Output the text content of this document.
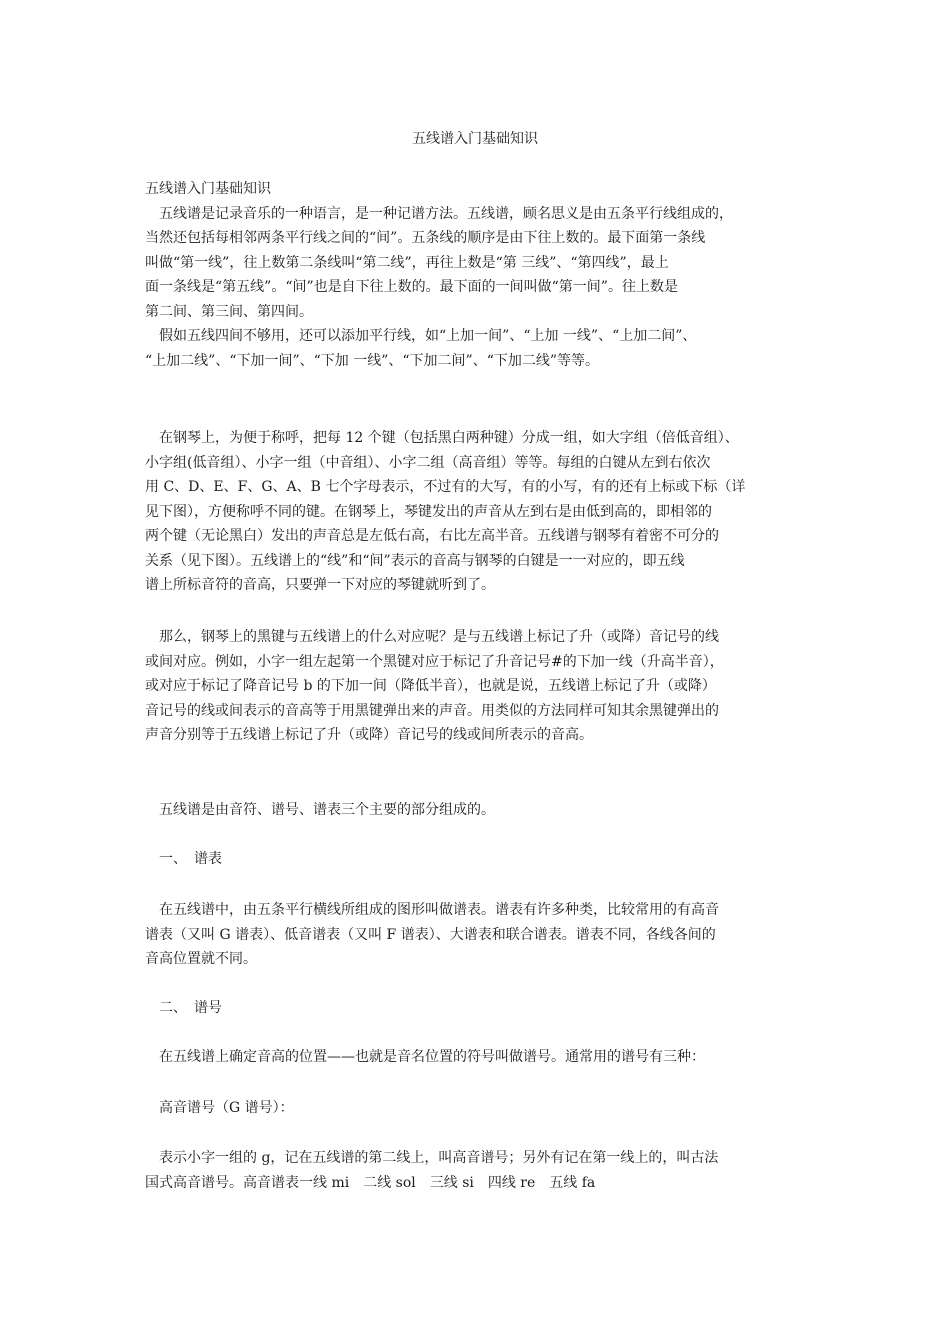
五线谱入门基础知识
五线谱入门基础知识
　五线谱是记录音乐的一种语言，是一种记谱方法。五线谱，顾名思义是由五条平行线组成的，
当然还包括每相邻两条平行线之间的“间”。五条线的顺序是由下往上数的。最下面第一条线
叫做“第一线”，往上数第二条线叫“第二线”，再往上数是“第 三线”、“第四线”，最上
面一条线是“第五线”。“间”也是自下往上数的。最下面的一间叫做“第一间”。往上数是
第二间、第三间、第四间。
　假如五线四间不够用，还可以添加平行线，如“上加一间”、“上加 一线”、“上加二间”、
“上加二线”、“下加一间”、“下加 一线”、“下加二间”、“下加二线”等等。
　在钢琴上，为便于称呼，把每 12 个键（包括黑白两种键）分成一组，如大字组（倍低音组）、
小字组(低音组）、小字一组（中音组）、小字二组（高音组）等等。每组的白键从左到右依次
用 C、D、E、F、G、A、B 七个字母表示，不过有的大写，有的小写，有的还有上标或下标（详
见下图），方便称呼不同的键。在钢琴上，琴键发出的声音从左到右是由低到高的，即相邻的
两个键（无论黑白）发出的声音总是左低右高，右比左高半音。五线谱与钢琴有着密不可分的
关系（见下图）。五线谱上的“线”和“间”表示的音高与钢琴的白键是一一对应的，即五线
谱上所标音符的音高，只要弹一下对应的琴键就听到了。
　那么，钢琴上的黑键与五线谱上的什么对应呢？是与五线谱上标记了升（或降）音记号的线
或间对应。例如，小字一组左起第一个黑键对应于标记了升音记号#的下加一线（升高半音），
或对应于标记了降音记号 b 的下加一间（降低半音），也就是说，五线谱上标记了升（或降）
音记号的线或间表示的音高等于用黑键弹出来的声音。用类似的方法同样可知其余黑键弹出的
声音分别等于五线谱上标记了升（或降）音记号的线或间所表示的音高。
　五线谱是由音符、谱号、谱表三个主要的部分组成的。
　一、　谱表
　在五线谱中，由五条平行横线所组成的图形叫做谱表。谱表有许多种类，比较常用的有高音
谱表（又叫 G 谱表）、低音谱表（又叫 F 谱表）、大谱表和联合谱表。谱表不同，各线各间的
音高位置就不同。
　二、　谱号
　在五线谱上确定音高的位置——也就是音名位置的符号叫做谱号。通常用的谱号有三种：
　高音谱号（G 谱号）：
　表示小字一组的 g，记在五线谱的第二线上，叫高音谱号；另外有记在第一线上的，叫古法
国式高音谱号。高音谱表一线 mi　二线 sol　三线 si　四线 re　五线 fa
